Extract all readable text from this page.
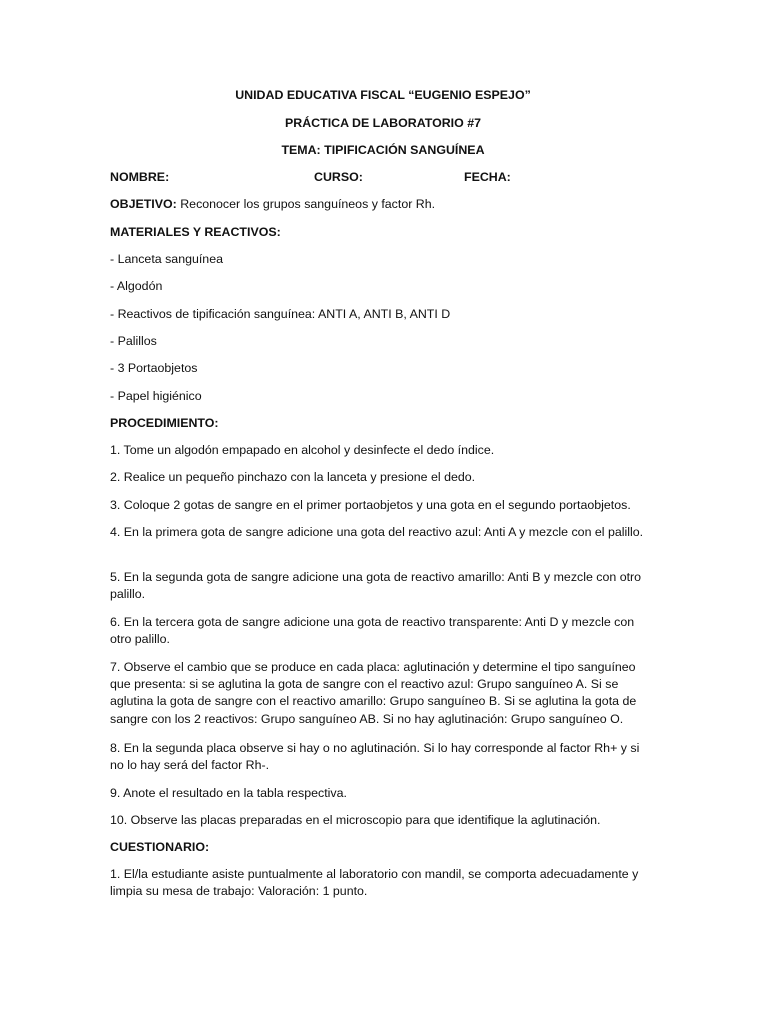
UNIDAD EDUCATIVA FISCAL “EUGENIO ESPEJO”

PRÁCTICA DE LABORATORIO #7

TEMA: TIPIFICACIÓN SANGUÍNEA

NOMBRE:	CURSO:	FECHA:

OBJETIVO: Reconocer los grupos sanguíneos y factor Rh.

MATERIALES Y REACTIVOS:

- Lanceta sanguínea

- Algodón

- Reactivos de tipificación sanguínea: ANTI A, ANTI B, ANTI D

- Palillos

- 3 Portaobjetos

- Papel higiénico

PROCEDIMIENTO:

1. Tome un algodón empapado en alcohol y desinfecte el dedo índice.

2. Realice un pequeño pinchazo con la lanceta y presione el dedo.

3. Coloque 2 gotas de sangre en el primer portaobjetos y una gota en el segundo portaobjetos.

4. En la primera gota de sangre adicione una gota del reactivo azul: Anti A y mezcle con el palillo.

5. En la segunda gota de sangre adicione una gota de reactivo amarillo: Anti B y mezcle con otro palillo.

6. En la tercera gota de sangre adicione una gota de reactivo transparente: Anti D y mezcle con otro palillo.

7. Observe el cambio que se produce en cada placa: aglutinación y determine el tipo sanguíneo que presenta: si se aglutina la gota de sangre con el reactivo azul: Grupo sanguíneo A. Si se aglutina la gota de sangre con el reactivo amarillo: Grupo sanguíneo B. Si se aglutina la gota de sangre con los 2 reactivos: Grupo sanguíneo AB. Si no hay aglutinación: Grupo sanguíneo O.

8. En la segunda placa observe si hay o no aglutinación. Si lo hay corresponde al factor Rh+ y si no lo hay será del factor Rh-.

9. Anote el resultado en la tabla respectiva.

10. Observe las placas preparadas en el microscopio para que identifique la aglutinación.

CUESTIONARIO:

1. El/la estudiante asiste puntualmente al laboratorio con mandil, se comporta adecuadamente y limpia su mesa de trabajo: Valoración: 1 punto.
